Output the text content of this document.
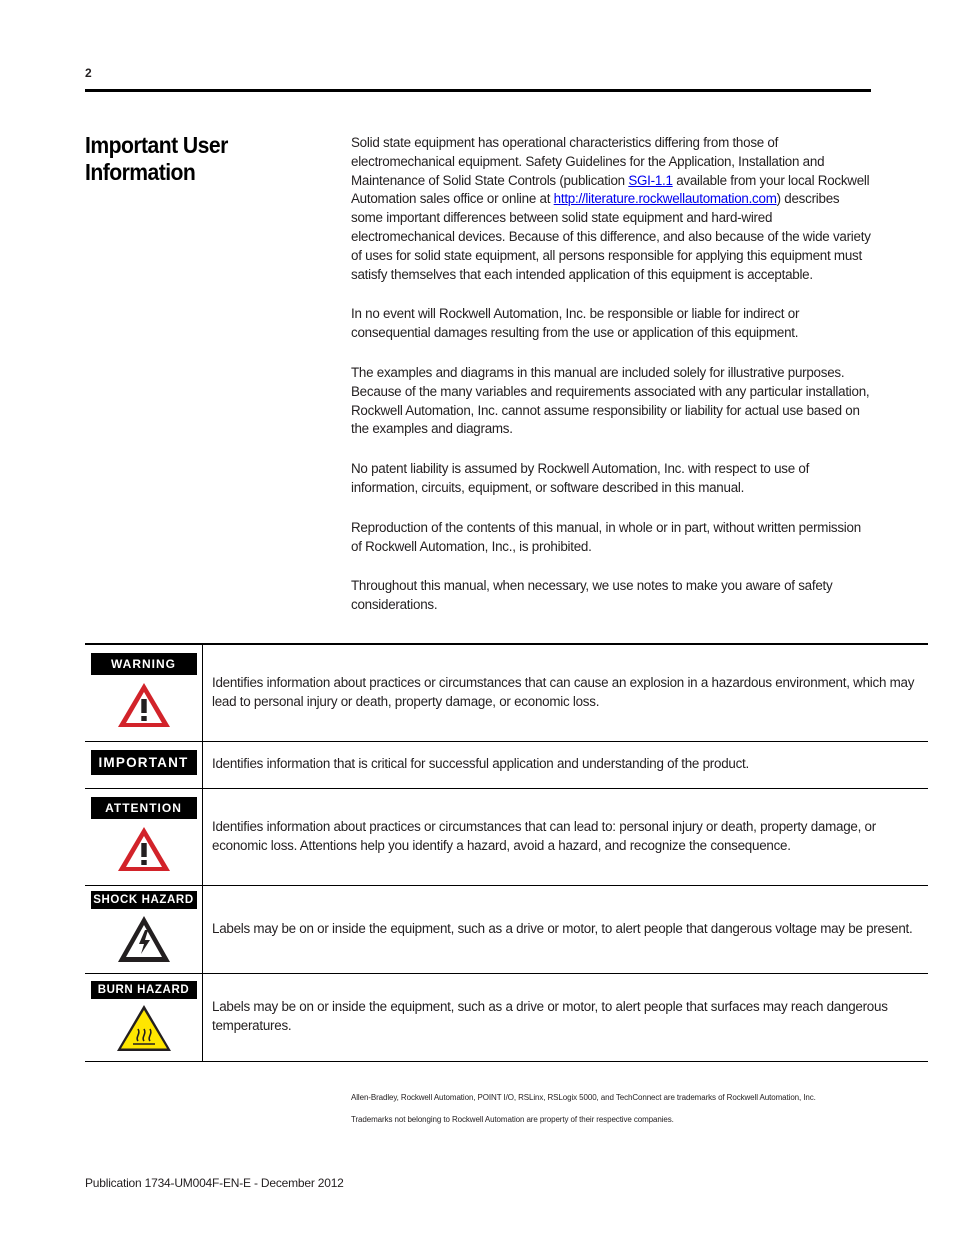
2
Important User Information

Solid state equipment has operational characteristics differing from those of electromechanical equipment. Safety Guidelines for the Application, Installation and Maintenance of Solid State Controls (publication SGI-1.1 available from your local Rockwell Automation sales office or online at http://literature.rockwellautomation.com) describes some important differences between solid state equipment and hard-wired electromechanical devices. Because of this difference, and also because of the wide variety of uses for solid state equipment, all persons responsible for applying this equipment must satisfy themselves that each intended application of this equipment is acceptable.

In no event will Rockwell Automation, Inc. be responsible or liable for indirect or consequential damages resulting from the use or application of this equipment.

The examples and diagrams in this manual are included solely for illustrative purposes. Because of the many variables and requirements associated with any particular installation, Rockwell Automation, Inc. cannot assume responsibility or liability for actual use based on the examples and diagrams.

No patent liability is assumed by Rockwell Automation, Inc. with respect to use of information, circuits, equipment, or software described in this manual.

Reproduction of the contents of this manual, in whole or in part, without written permission of Rockwell Automation, Inc., is prohibited.

Throughout this manual, when necessary, we use notes to make you aware of safety considerations.

WARNING	Identifies information about practices or circumstances that can cause an explosion in a hazardous environment, which may lead to personal injury or death, property damage, or economic loss.
IMPORTANT	Identifies information that is critical for successful application and understanding of the product.
ATTENTION	Identifies information about practices or circumstances that can lead to: personal injury or death, property damage, or economic loss. Attentions help you identify a hazard, avoid a hazard, and recognize the consequence.
SHOCK HAZARD	Labels may be on or inside the equipment, such as a drive or motor, to alert people that dangerous voltage may be present.
BURN HAZARD	Labels may be on or inside the equipment, such as a drive or motor, to alert people that surfaces may reach dangerous temperatures.

Allen-Bradley, Rockwell Automation, POINT I/O, RSLinx, RSLogix 5000, and TechConnect are trademarks of Rockwell Automation, Inc.

Trademarks not belonging to Rockwell Automation are property of their respective companies.

Publication 1734-UM004F-EN-E - December 2012
